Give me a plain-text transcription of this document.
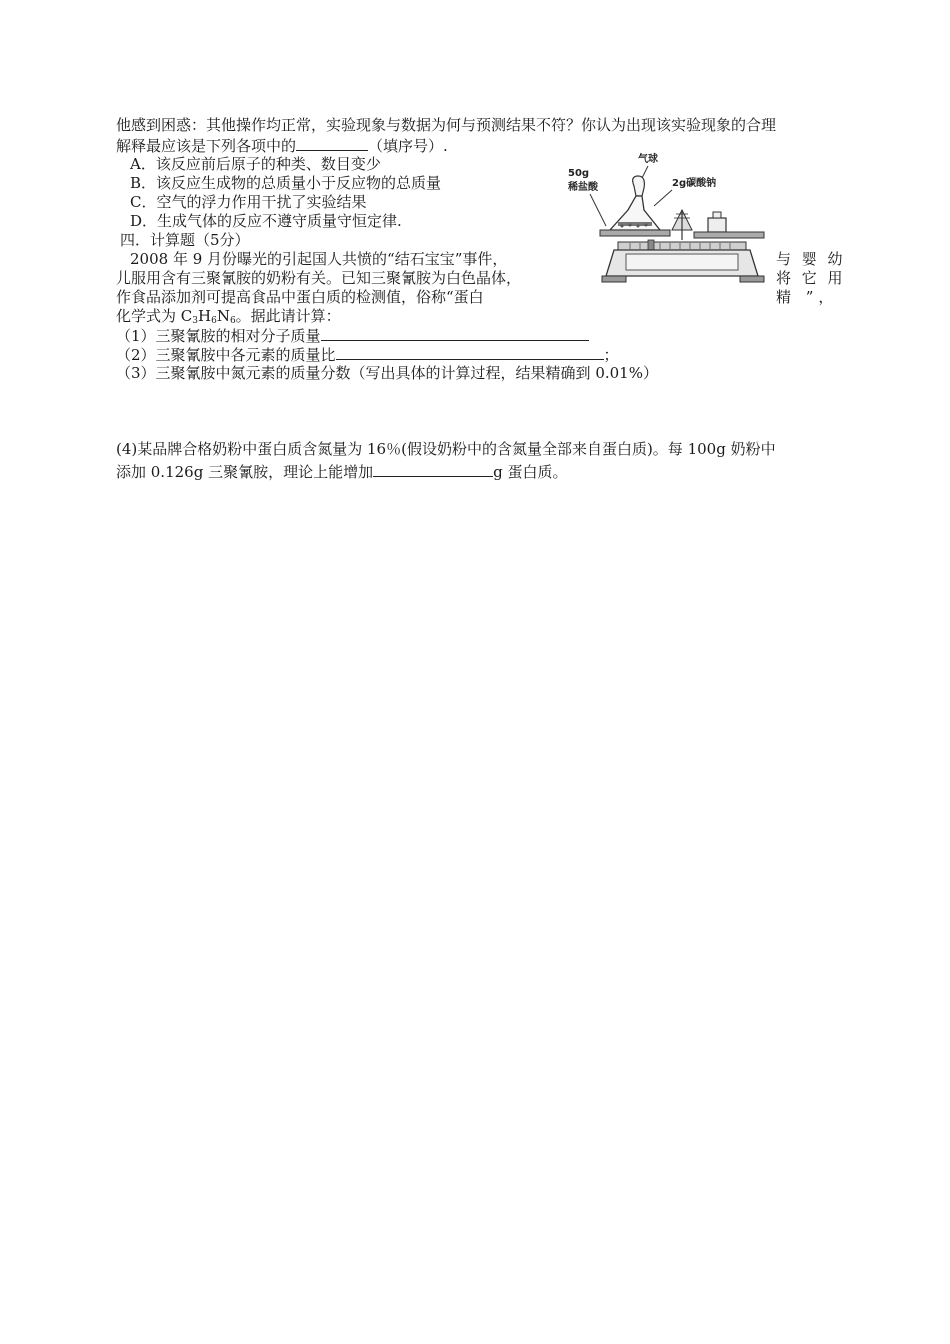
他感到困惑：其他操作均正常，实验现象与数据为何与预测结果不符？你认为出现该实验现象的合理
解释最应该是下列各项中的	（填序号）.
A．该反应前后原子的种类、数目变少
B．该反应生成物的总质量小于反应物的总质量
C．空气的浮力作用干扰了实验结果
D．生成气体的反应不遵守质量守恒定律.
四．计算题（5分）
2008 年 9 月份曝光的引起国人共愤的“结石宝宝”事件，	与 婴 幼
儿服用含有三聚氰胺的奶粉有关。已知三聚氰胺为白色晶体，	将 它 用
作食品添加剂可提高食品中蛋白质的检测值，俗称“蛋白	精 ”，
化学式为 $C_3H_6N_6$。据此请计算：
（1）三聚氰胺的相对分子质量
（2）三聚氰胺中各元素的质量比	；
（3）三聚氰胺中氮元素的质量分数（写出具体的计算过程，结果精确到 0.01%）
(4)某品牌合格奶粉中蛋白质含氮量为 16％(假设奶粉中的含氮量全部来自蛋白质)。每 100g 奶粉中
添加 0.126g 三聚氰胺，理论上能增加	g 蛋白质。
气球
50g
稀盐酸	2g碳酸钠
